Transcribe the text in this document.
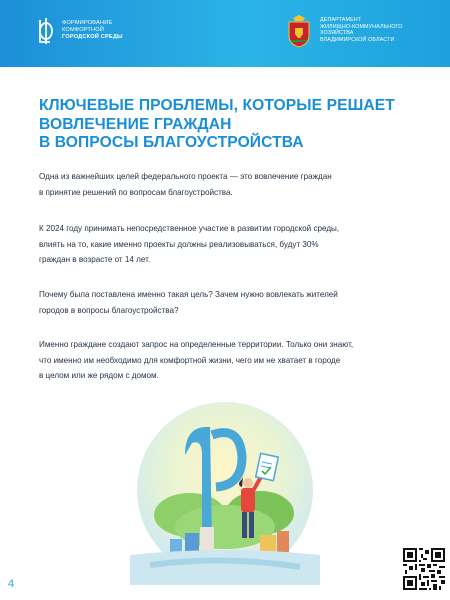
ФОРМИРОВАНИЕ
КОМФОРТНОЙ
ГОРОДСКОЙ СРЕДЫ
ДЕПАРТАМЕНТ
ЖИЛИЩНО-КОММУНАЛЬНОГО
ХОЗЯЙСТВА
ВЛАДИМИРСКОЙ ОБЛАСТИ
КЛЮЧЕВЫЕ ПРОБЛЕМЫ, КОТОРЫЕ РЕШАЕТ
ВОВЛЕЧЕНИЕ ГРАЖДАН
В ВОПРОСЫ БЛАГОУСТРОЙСТВА
Одна из важнейших целей федерального проекта — это вовлечение граждан
в принятие решений по вопросам благоустройства.
К 2024 году принимать непосредственное участие в развитии городской среды,
влиять на то, какие именно проекты должны реализовываться, будут 30%
граждан в возрасте от 14 лет.
Почему была поставлена именно такая цель? Зачем нужно вовлекать жителей
городов в вопросы благоустройства?
Именно граждане создают запрос на определенные территории. Только они знают,
что именно им необходимо для комфортной жизни, чего им не хватает в городе
в целом или же рядом с домом.
4
